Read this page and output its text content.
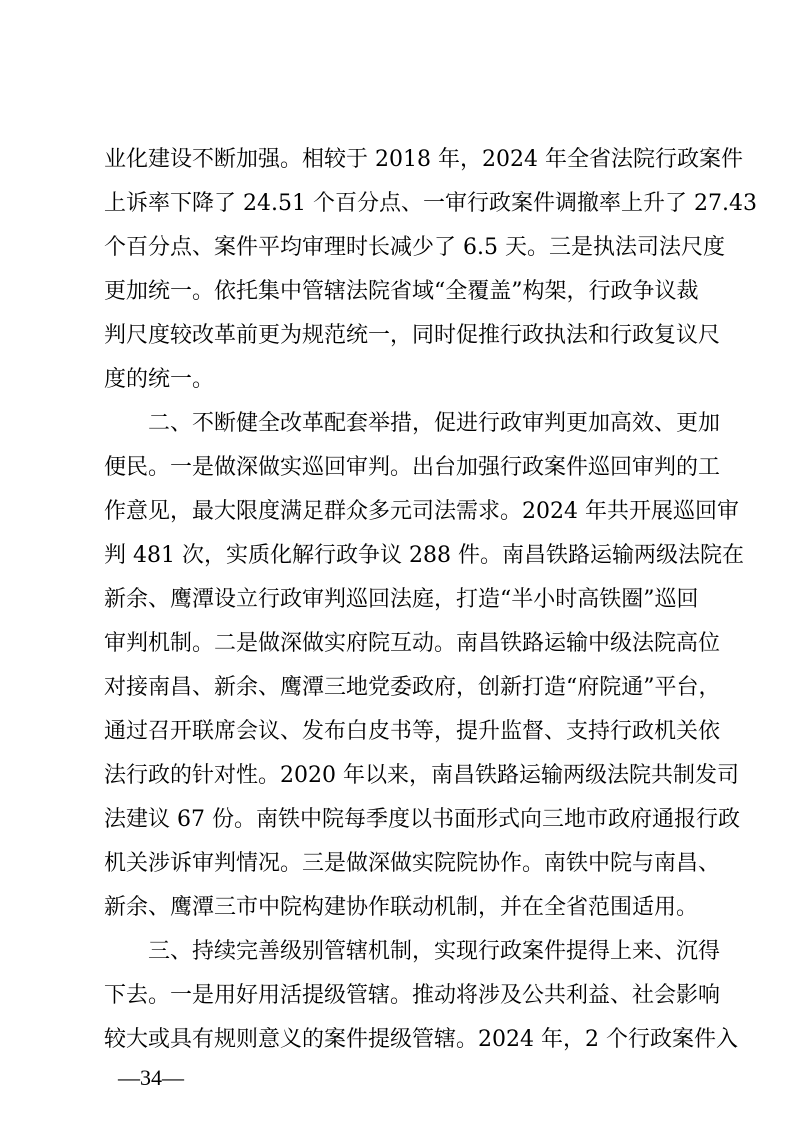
业化建设不断加强。相较于 2018 年，2024 年全省法院行政案件

上诉率下降了 24.51 个百分点、一审行政案件调撤率上升了 27.43

个百分点、案件平均审理时长减少了 6.5 天。三是执法司法尺度

更加统一。依托集中管辖法院省域“全覆盖”构架，行政争议裁

判尺度较改革前更为规范统一，同时促推行政执法和行政复议尺

度的统一。

二、不断健全改革配套举措，促进行政审判更加高效、更加

便民。一是做深做实巡回审判。出台加强行政案件巡回审判的工

作意见，最大限度满足群众多元司法需求。2024 年共开展巡回审

判 481 次，实质化解行政争议 288 件。南昌铁路运输两级法院在

新余、鹰潭设立行政审判巡回法庭，打造“半小时高铁圈”巡回

审判机制。二是做深做实府院互动。南昌铁路运输中级法院高位

对接南昌、新余、鹰潭三地党委政府，创新打造“府院通”平台，

通过召开联席会议、发布白皮书等，提升监督、支持行政机关依

法行政的针对性。2020 年以来，南昌铁路运输两级法院共制发司

法建议 67 份。南铁中院每季度以书面形式向三地市政府通报行政

机关涉诉审判情况。三是做深做实院院协作。南铁中院与南昌、

新余、鹰潭三市中院构建协作联动机制，并在全省范围适用。

三、持续完善级别管辖机制，实现行政案件提得上来、沉得

下去。一是用好用活提级管辖。推动将涉及公共利益、社会影响

较大或具有规则意义的案件提级管辖。2024 年，2 个行政案件入

—34—
